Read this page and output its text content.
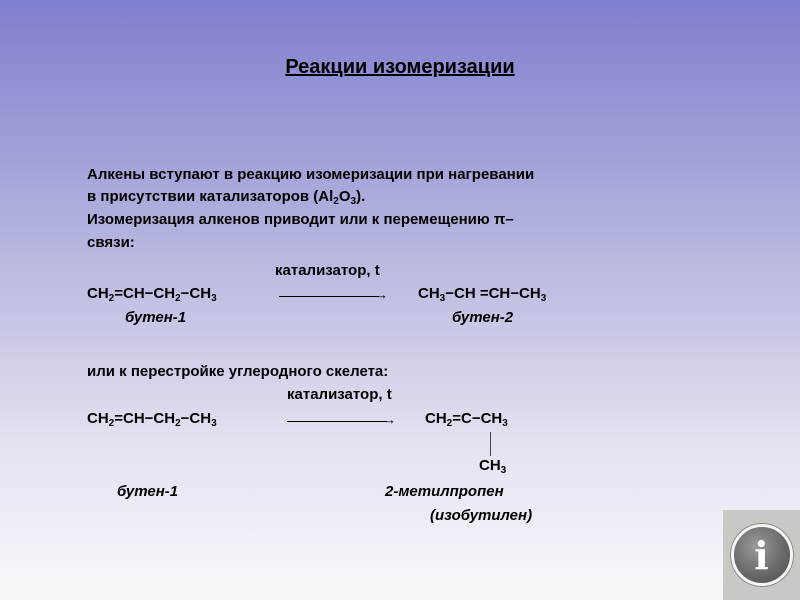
Реакции изомеризации
Алкены вступают в реакцию изомеризации при нагревании
в присутствии катализаторов $(Al_2O_3)$.
Изомеризация алкенов приводит или к перемещению π–
связи:
катализатор, t
$CH_2=CH-CH_2-CH_3$	→ $CH_3-CH =CH-CH_3$
бутен-1	бутен-2
или к перестройке углеродного скелета:
катализатор, t
$CH_2=CH-CH_2-CH_3$	→ $CH_2=C-CH_3$
$CH_3$
бутен-1	2-метилпропен
(изобутилен)
i
